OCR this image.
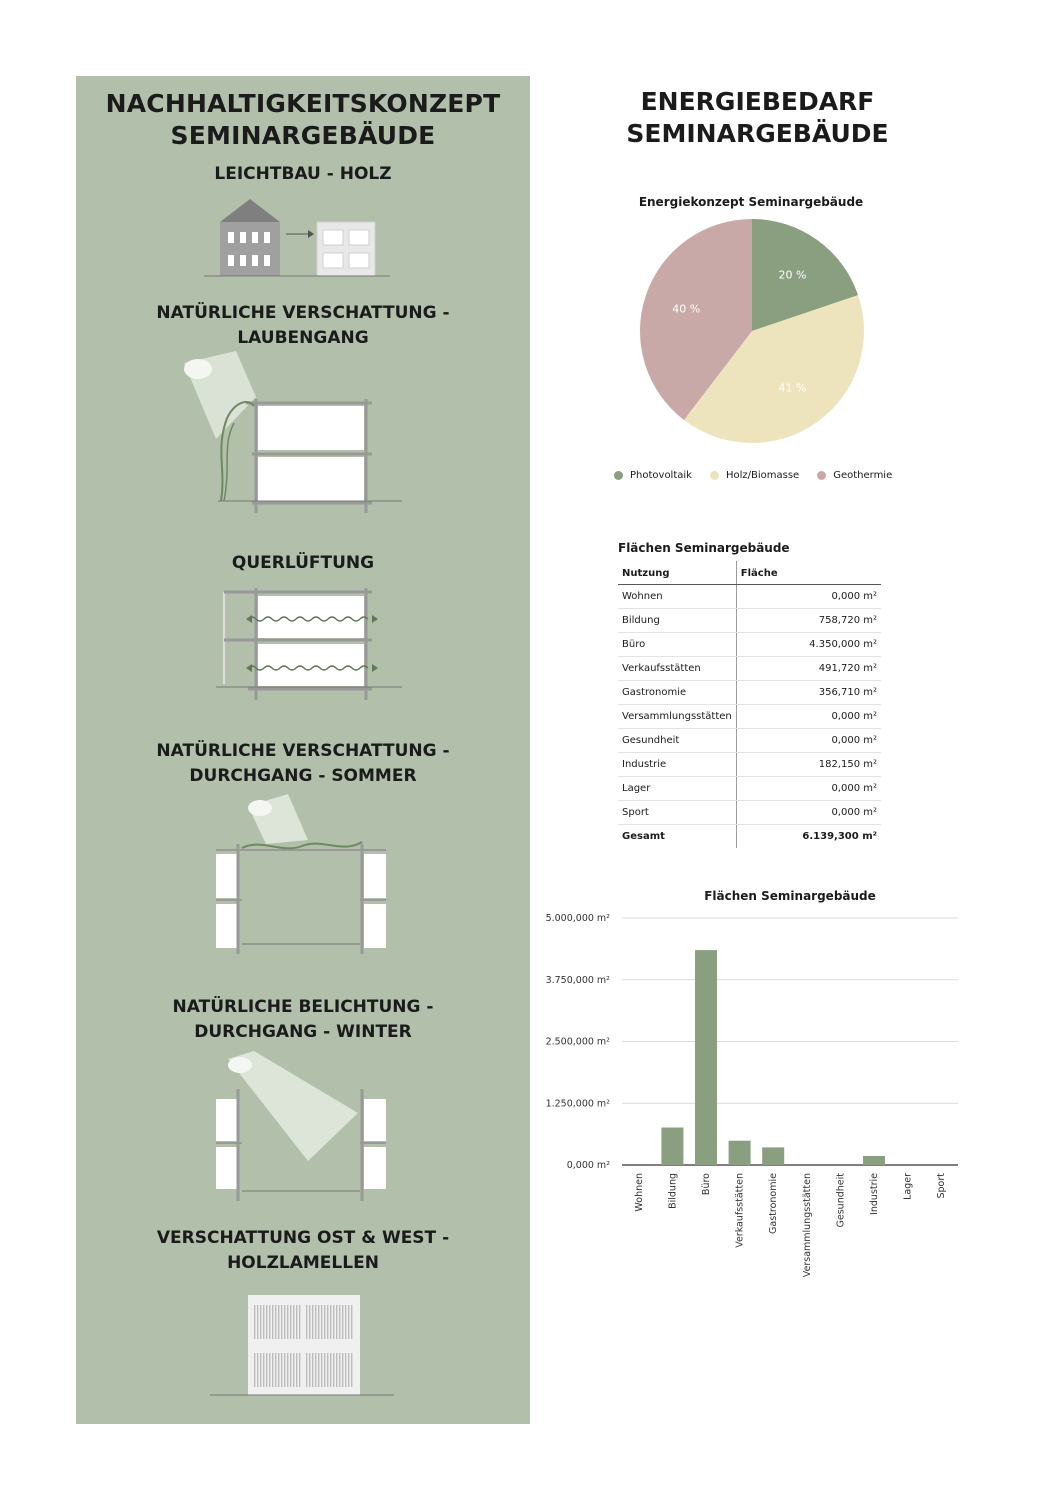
NACHHALTIGKEITSKONZEPT
SEMINARGEBÄUDE
LEICHTBAU - HOLZ
NATÜRLICHE VERSCHATTUNG -
LAUBENGANG
QUERLÜFTUNG
NATÜRLICHE VERSCHATTUNG -
DURCHGANG - SOMMER
NATÜRLICHE BELICHTUNG -
DURCHGANG - WINTER
VERSCHATTUNG OST & WEST -
HOLZLAMELLEN
ENERGIEBEDARF
SEMINARGEBÄUDE
Energiekonzept Seminargebäude
20 %
41 %
40 %
Photovoltaik	Holz/Biomasse	Geothermie
Flächen Seminargebäude
Nutzung	Fläche
Wohnen	0,000 m²
Bildung	758,720 m²
Büro	4.350,000 m²
Verkaufsstätten	491,720 m²
Gastronomie	356,710 m²
Versammlungsstätten	0,000 m²
Gesundheit	0,000 m²
Industrie	182,150 m²
Lager	0,000 m²
Sport	0,000 m²
Gesamt	6.139,300 m²
Flächen Seminargebäude
0,000 m²
1.250,000 m²
2.500,000 m²
3.750,000 m²
5.000,000 m²
Wohnen Bildung Büro Verkaufsstätten Gastronomie Versammlungsstätten Gesundheit Industrie Lager Sport
